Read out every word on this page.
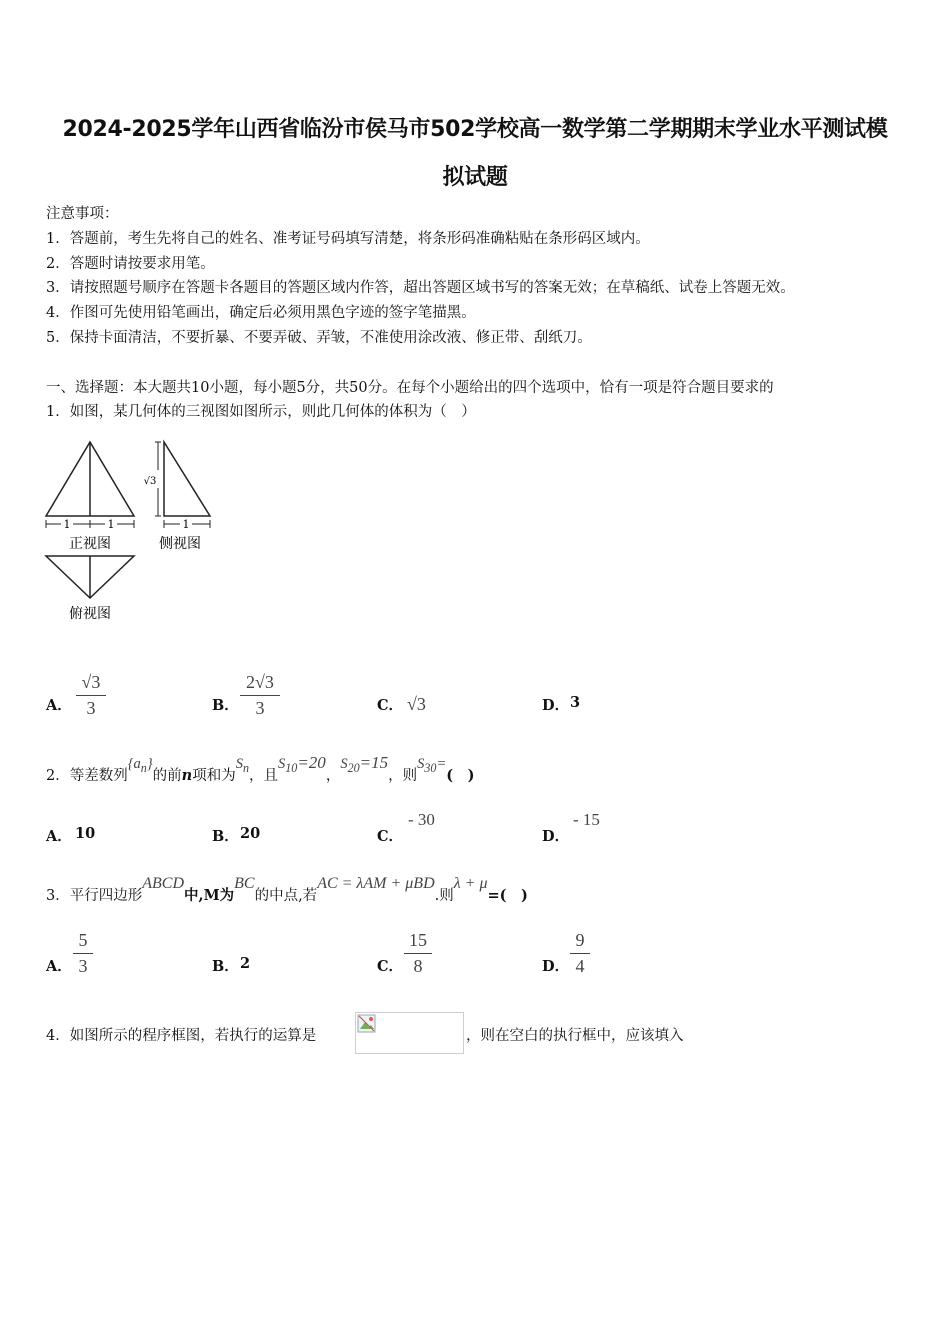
2024-2025学年山西省临汾市侯马市502学校高一数学第二学期期末学业水平测试模
拟试题
注意事项：
1．答题前，考生先将自己的姓名、准考证号码填写清楚，将条形码准确粘贴在条形码区域内。
2．答题时请按要求用笔。
3．请按照题号顺序在答题卡各题目的答题区域内作答，超出答题区域书写的答案无效；在草稿纸、试卷上答题无效。
4．作图可先使用铅笔画出，确定后必须用黑色字迹的签字笔描黑。
5．保持卡面清洁，不要折暴、不要弄破、弄皱，不准使用涂改液、修正带、刮纸刀。
一、选择题：本大题共10小题，每小题5分，共50分。在每个小题给出的四个选项中，恰有一项是符合题目要求的
1．如图，某几何体的三视图如图所示，则此几何体的体积为（　）
1	1
正视图
√3
1
侧视图
俯视图
A．
√3
3	B．
2√3
3	C． √3	D． 3
2．等差数列$\{a_n\}$的前n项和为$S_n$，且$S_{10}=20$，$S_{20}=15$，则$S_{30}=$(　)
A． 10	B． 20	C．
- 30
D．
- 15
3．平行四边形ABCD中,M为BC的中点,若AC = λAM + μBD.则λ + μ=(　)
A．
5
3	B． 2	C．
15
8	D．
9
4
4．如图所示的程序框图，若执行的运算是	，则在空白的执行框中，应该填入
